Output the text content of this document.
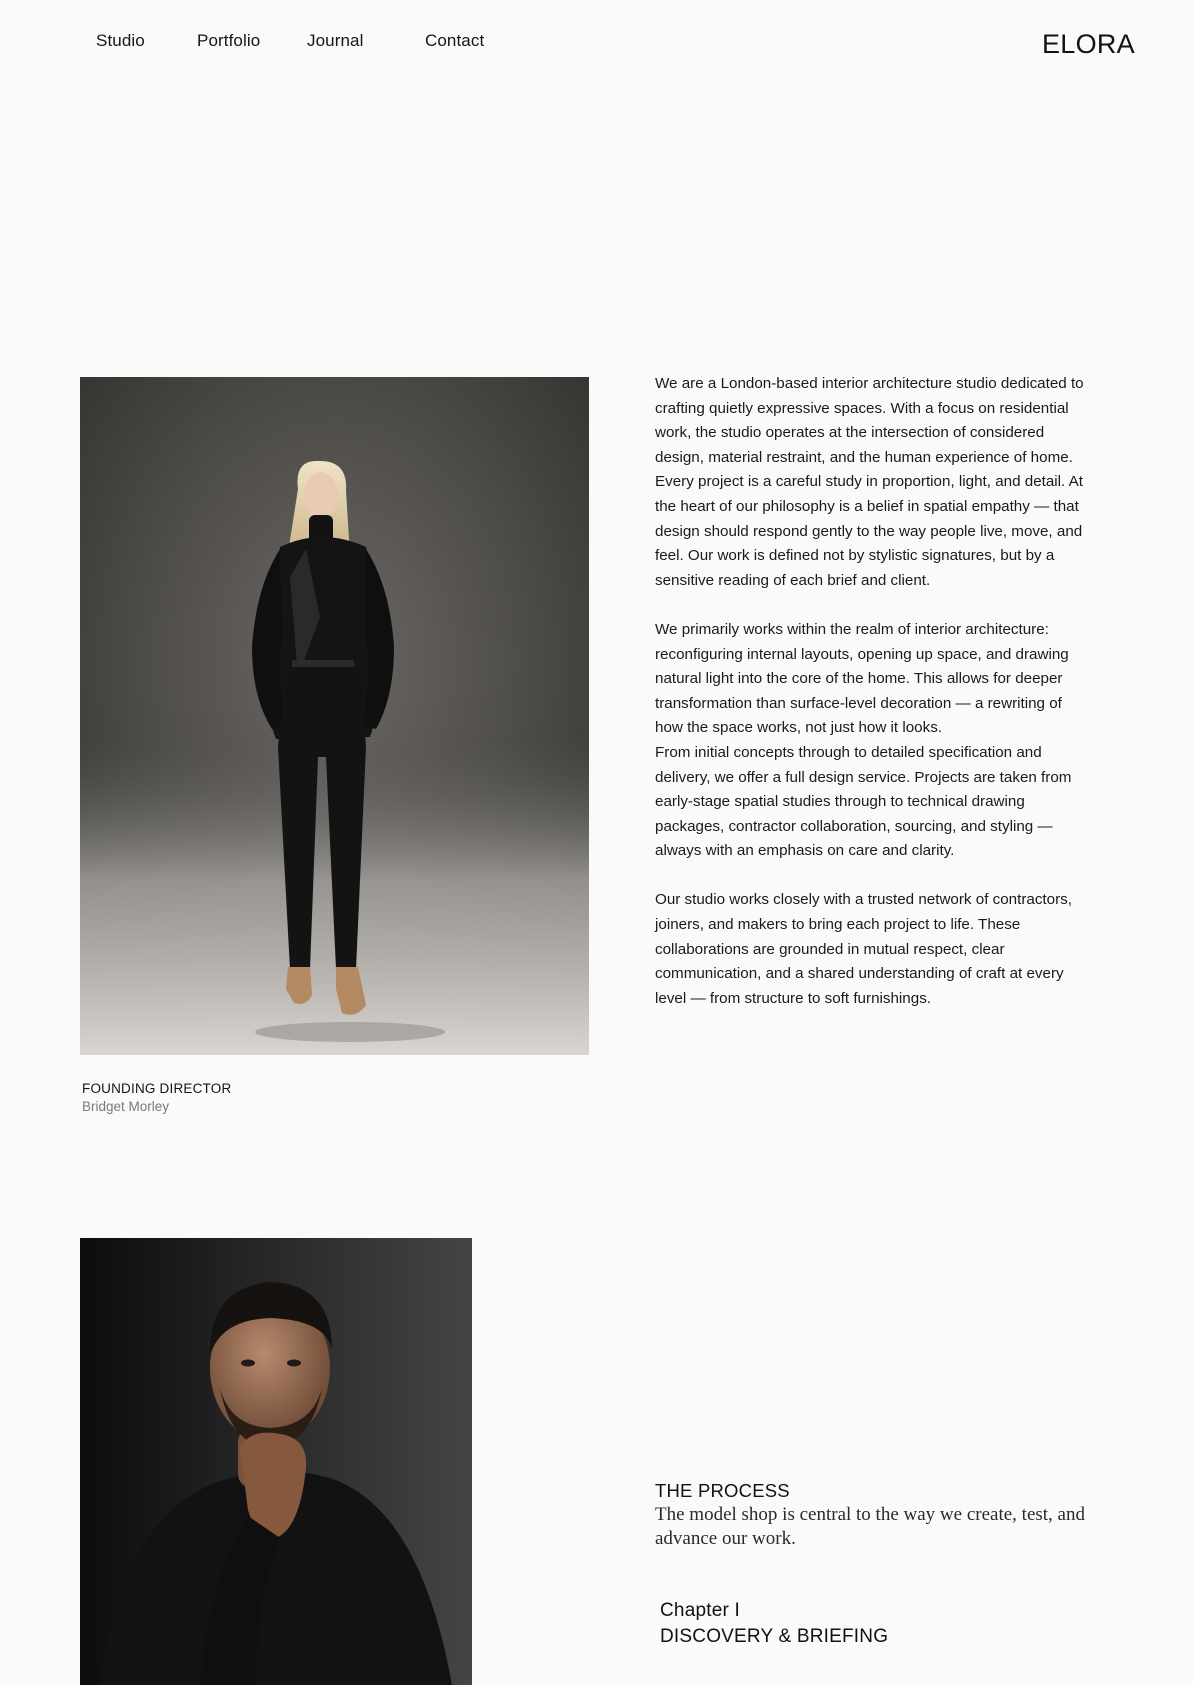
Studio	Portfolio	Journal	Contact	ELORA
FOUNDING DIRECTOR
Bridget Morley

We are a London-based interior architecture studio dedicated to crafting quietly expressive spaces. With a focus on residential work, the studio operates at the intersection of considered design, material restraint, and the human experience of home. Every project is a careful study in proportion, light, and detail. At the heart of our philosophy is a belief in spatial empathy — that design should respond gently to the way people live, move, and feel. Our work is defined not by stylistic signatures, but by a sensitive reading of each brief and client.

We primarily works within the realm of interior architecture: reconfiguring internal layouts, opening up space, and drawing natural light into the core of the home. This allows for deeper transformation than surface-level decoration — a rewriting of how the space works, not just how it looks.

From initial concepts through to detailed specification and delivery, we offer a full design service. Projects are taken from early-stage spatial studies through to technical drawing packages, contractor collaboration, sourcing, and styling — always with an emphasis on care and clarity.

Our studio works closely with a trusted network of contractors, joiners, and makers to bring each project to life. These collaborations are grounded in mutual respect, clear communication, and a shared understanding of craft at every level — from structure to soft furnishings.

THE PROCESS
The model shop is central to the way we create, test, and advance our work.
Chapter I
DISCOVERY & BRIEFING
